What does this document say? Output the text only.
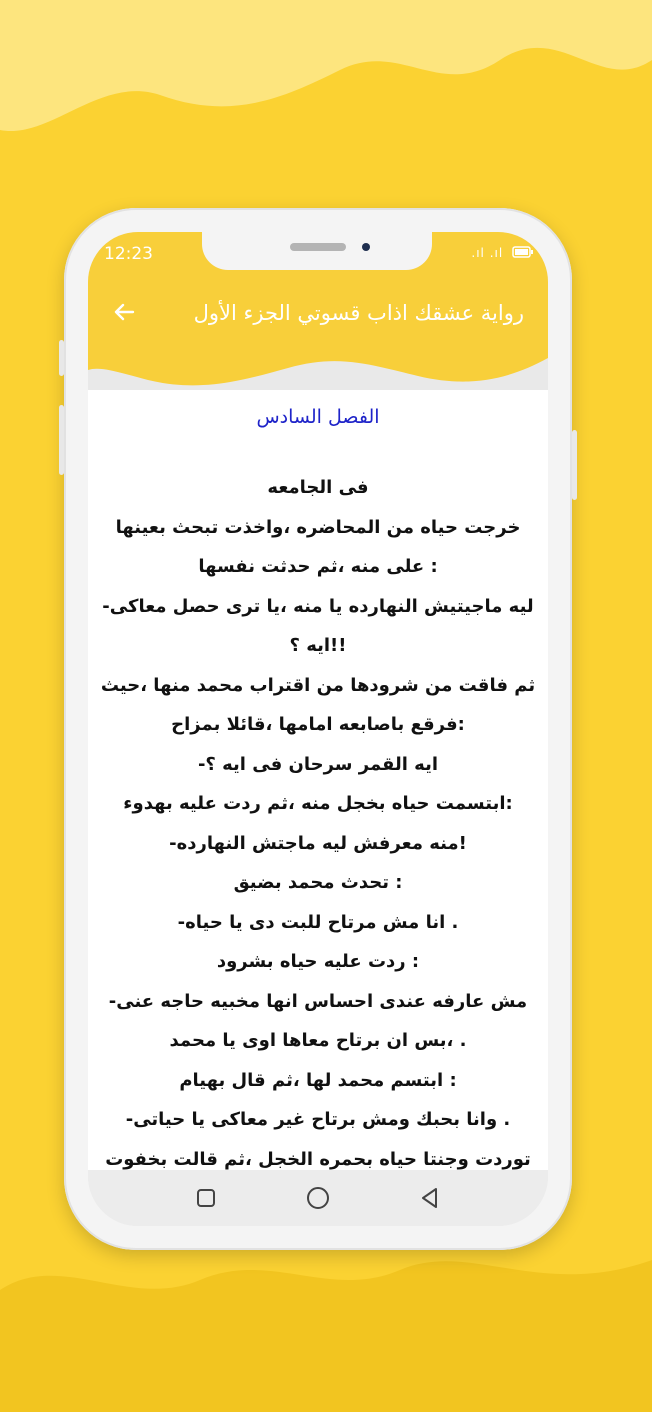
12:23	.ıl .ıl
رواية عشقك اذاب قسوتي الجزء الأول
الفصل السادس
فى الجامعه
خرجت حياه من المحاضره ،واخذت تبحث بعينها
: على منه ،ثم حدثت نفسها
ليه ماجيتيش النهارده يا منه ،يا ترى حصل معاكى-
!!ايه ؟
ثم فاقت من شرودها من اقتراب محمد منها ،حيث
:فرقع باصابعه امامها ،قائلا بمزاح
ايه القمر سرحان فى ايه ؟-
:ابتسمت حياه بخجل منه ،ثم ردت عليه بهدوء
!منه معرفش ليه ماجتش النهارده-
: تحدث محمد بضيق
. انا مش مرتاح للبت دى يا حياه-
: ردت عليه حياه بشرود
مش عارفه عندى احساس انها مخبيه حاجه عنى-
. ،بس ان برتاح معاها اوى يا محمد
: ابتسم محمد لها ،ثم قال بهيام
. وانا بحبك ومش برتاح غير معاكى يا حياتى-
توردت وجنتا حياه بحمره الخجل ،ثم قالت بخفوت
